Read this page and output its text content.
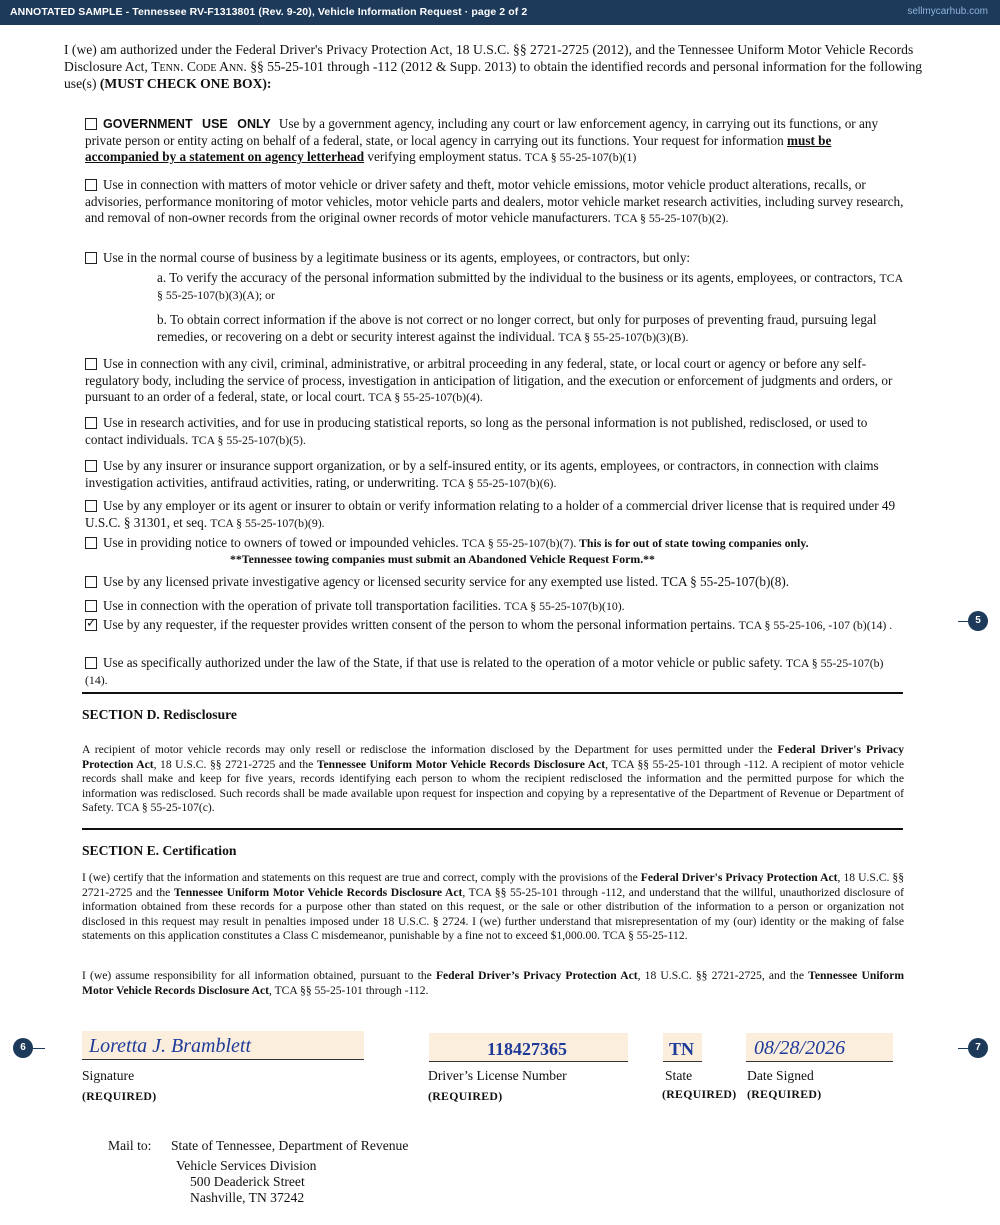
ANNOTATED SAMPLE - Tennessee RV-F1313801 (Rev. 9-20), Vehicle Information Request · page 2 of 2	sellmycarhub.com
I (we) am authorized under the Federal Driver's Privacy Protection Act, 18 U.S.C. §§ 2721-2725 (2012), and the Tennessee Uniform Motor Vehicle Records Disclosure Act, Tenn. Code Ann. §§ 55-25-101 through -112 (2012 & Supp. 2013) to obtain the identified records and personal information for the following use(s) (MUST CHECK ONE BOX):
GOVERNMENT USE ONLY Use by a government agency, including any court or law enforcement agency, in carrying out its functions, or any private person or entity acting on behalf of a federal, state, or local agency in carrying out its functions. Your request for information must be accompanied by a statement on agency letterhead verifying employment status. TCA § 55-25-107(b)(1)
Use in connection with matters of motor vehicle or driver safety and theft, motor vehicle emissions, motor vehicle product alterations, recalls, or advisories, performance monitoring of motor vehicles, motor vehicle parts and dealers, motor vehicle market research activities, including survey research, and removal of non-owner records from the original owner records of motor vehicle manufacturers. TCA § 55-25-107(b)(2).
Use in the normal course of business by a legitimate business or its agents, employees, or contractors, but only:
a. To verify the accuracy of the personal information submitted by the individual to the business or its agents, employees, or contractors, TCA § 55-25-107(b)(3)(A); or
b. To obtain correct information if the above is not correct or no longer correct, but only for purposes of preventing fraud, pursuing legal remedies, or recovering on a debt or security interest against the individual. TCA § 55-25-107(b)(3)(B).
Use in connection with any civil, criminal, administrative, or arbitral proceeding in any federal, state, or local court or agency or before any self-regulatory body, including the service of process, investigation in anticipation of litigation, and the execution or enforcement of judgments and orders, or pursuant to an order of a federal, state, or local court. TCA § 55-25-107(b)(4).
Use in research activities, and for use in producing statistical reports, so long as the personal information is not published, redisclosed, or used to contact individuals. TCA § 55-25-107(b)(5).
Use by any insurer or insurance support organization, or by a self-insured entity, or its agents, employees, or contractors, in connection with claims investigation activities, antifraud activities, rating, or underwriting. TCA § 55-25-107(b)(6).
Use by any employer or its agent or insurer to obtain or verify information relating to a holder of a commercial driver license that is required under 49 U.S.C. § 31301, et seq. TCA § 55-25-107(b)(9).
Use in providing notice to owners of towed or impounded vehicles. TCA § 55-25-107(b)(7). This is for out of state towing companies only.
**Tennessee towing companies must submit an Abandoned Vehicle Request Form.**
Use by any licensed private investigative agency or licensed security service for any exempted use listed. TCA § 55-25-107(b)(8).
Use in connection with the operation of private toll transportation facilities. TCA § 55-25-107(b)(10).
✓Use by any requester, if the requester provides written consent of the person to whom the personal information pertains. TCA § 55-25-106, -107 (b)(14) .
Use as specifically authorized under the law of the State, if that use is related to the operation of a motor vehicle or public safety. TCA § 55-25-107(b)(14).
5
SECTION D. Redisclosure
A recipient of motor vehicle records may only resell or redisclose the information disclosed by the Department for uses permitted under the Federal Driver's Privacy Protection Act, 18 U.S.C. §§ 2721-2725 and the Tennessee Uniform Motor Vehicle Records Disclosure Act, TCA §§ 55-25-101 through -112. A recipient of motor vehicle records shall make and keep for five years, records identifying each person to whom the recipient redisclosed the information and the permitted purpose for which the information was redisclosed. Such records shall be made available upon request for inspection and copying by a representative of the Department of Revenue or Department of Safety. TCA § 55-25-107(c).
SECTION E. Certification
I (we) certify that the information and statements on this request are true and correct, comply with the provisions of the Federal Driver's Privacy Protection Act, 18 U.S.C. §§ 2721-2725 and the Tennessee Uniform Motor Vehicle Records Disclosure Act, TCA §§ 55-25-101 through -112, and understand that the willful, unauthorized disclosure of information obtained from these records for a purpose other than stated on this request, or the sale or other distribution of the information to a person or organization not disclosed in this request may result in penalties imposed under 18 U.S.C. § 2724. I (we) further understand that misrepresentation of my (our) identity or the making of false statements on this application constitutes a Class C misdemeanor, punishable by a fine not to exceed $1,000.00. TCA § 55-25-112.
I (we) assume responsibility for all information obtained, pursuant to the Federal Driver’s Privacy Protection Act, 18 U.S.C. §§ 2721-2725, and the Tennessee Uniform Motor Vehicle Records Disclosure Act, TCA §§ 55-25-101 through -112.
6	Loretta J. Bramblett
Signature
(REQUIRED)
118427365
Driver’s License Number
(REQUIRED)
TN
State
(REQUIRED)
08/28/2026
Date Signed
(REQUIRED)
7
Mail to: State of Tennessee, Department of Revenue
Vehicle Services Division
500 Deaderick Street
Nashville, TN 37242
